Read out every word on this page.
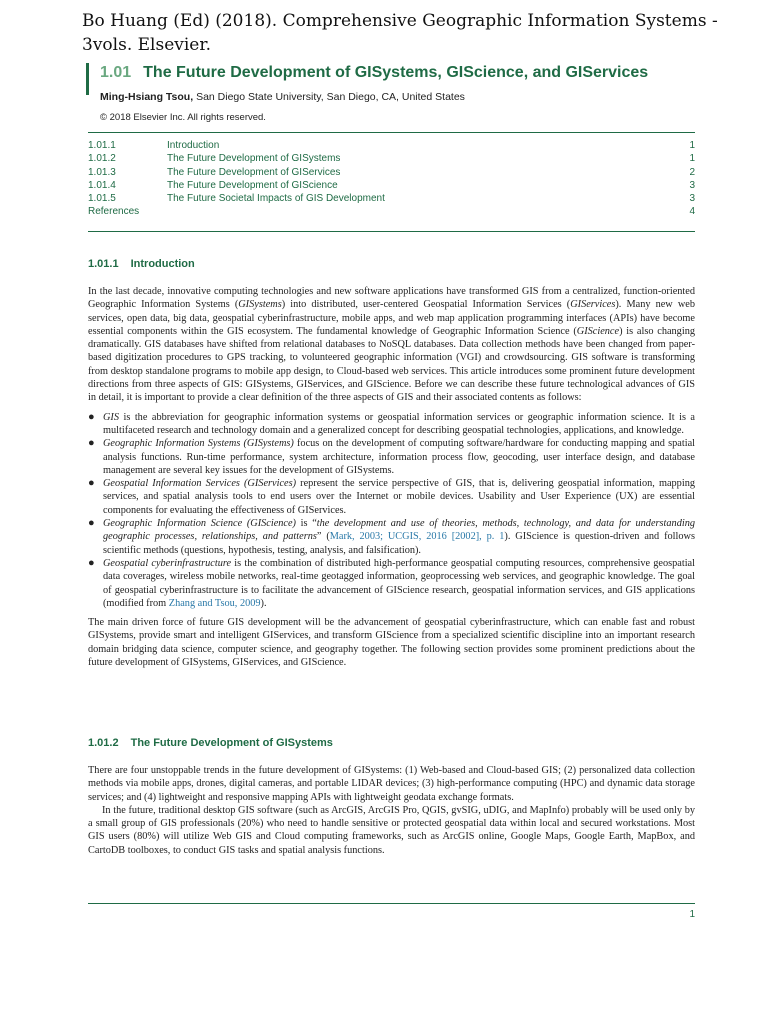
Bo Huang (Ed) (2018). Comprehensive Geographic Information Systems - 3vols. Elsevier.
1.01 The Future Development of GISystems, GIScience, and GIServices
Ming-Hsiang Tsou, San Diego State University, San Diego, CA, United States
© 2018 Elsevier Inc. All rights reserved.
1.01.1	Introduction	1
1.01.2	The Future Development of GISystems	1
1.01.3	The Future Development of GIServices	2
1.01.4	The Future Development of GIScience	3
1.01.5	The Future Societal Impacts of GIS Development	3
References	4
1.01.1 Introduction

In the last decade, innovative computing technologies and new software applications have transformed GIS from a centralized, function-oriented Geographic Information Systems (GISystems) into distributed, user-centered Geospatial Information Services (GIServices). Many new web services, open data, big data, geospatial cyberinfrastructure, mobile apps, and web map application programming interfaces (APIs) have become essential components within the GIS ecosystem. The fundamental knowledge of Geographic Information Science (GIScience) is also changing dramatically. GIS databases have shifted from relational databases to NoSQL databases. Data collection methods have been changed from paper-based digitization procedures to GPS tracking, to volunteered geographic information (VGI) and crowdsourcing. GIS software is transforming from desktop standalone programs to mobile app design, to Cloud-based web services. This article introduces some prominent future development directions from three aspects of GIS: GISystems, GIServices, and GIScience. Before we can describe these future technological advances of GIS in detail, it is important to provide a clear definition of the three aspects of GIS and their associated contents as follows:

● GIS is the abbreviation for geographic information systems or geospatial information services or geographic information science. It is a multifaceted research and technology domain and a generalized concept for describing geospatial technologies, applications, and knowledge.
● Geographic Information Systems (GISystems) focus on the development of computing software/hardware for conducting mapping and spatial analysis functions. Run-time performance, system architecture, information process flow, geocoding, user interface design, and database management are several key issues for the development of GISystems.
● Geospatial Information Services (GIServices) represent the service perspective of GIS, that is, delivering geospatial information, mapping services, and spatial analysis tools to end users over the Internet or mobile devices. Usability and User Experience (UX) are essential components for evaluating the effectiveness of GIServices.
● Geographic Information Science (GIScience) is “the development and use of theories, methods, technology, and data for understanding geographic processes, relationships, and patterns” (Mark, 2003; UCGIS, 2016 [2002], p. 1). GIScience is question-driven and follows scientific methods (questions, hypothesis, testing, analysis, and falsification).
● Geospatial cyberinfrastructure is the combination of distributed high-performance geospatial computing resources, comprehensive geospatial data coverages, wireless mobile networks, real-time geotagged information, geoprocessing web services, and geographic knowledge. The goal of geospatial cyberinfrastructure is to facilitate the advancement of GIScience research, geospatial information services, and GIS applications (modified from Zhang and Tsou, 2009).

The main driven force of future GIS development will be the advancement of geospatial cyberinfrastructure, which can enable fast and robust GISystems, provide smart and intelligent GIServices, and transform GIScience from a specialized scientific discipline into an important research domain bridging data science, computer science, and geography together. The following section provides some prominent predictions about the future development of GISystems, GIServices, and GIScience.

1.01.2 The Future Development of GISystems

There are four unstoppable trends in the future development of GISystems: (1) Web-based and Cloud-based GIS; (2) personalized data collection methods via mobile apps, drones, digital cameras, and portable LIDAR devices; (3) high-performance computing (HPC) and dynamic data storage services; and (4) lightweight and responsive mapping APIs with lightweight geodata exchange formats.

In the future, traditional desktop GIS software (such as ArcGIS, ArcGIS Pro, QGIS, gvSIG, uDIG, and MapInfo) probably will be used only by a small group of GIS professionals (20%) who need to handle sensitive or protected geospatial data within local and secured workstations. Most GIS users (80%) will utilize Web GIS and Cloud computing frameworks, such as ArcGIS online, Google Maps, Google Earth, MapBox, and CartoDB toolboxes, to conduct GIS tasks and spatial analysis functions.

1
